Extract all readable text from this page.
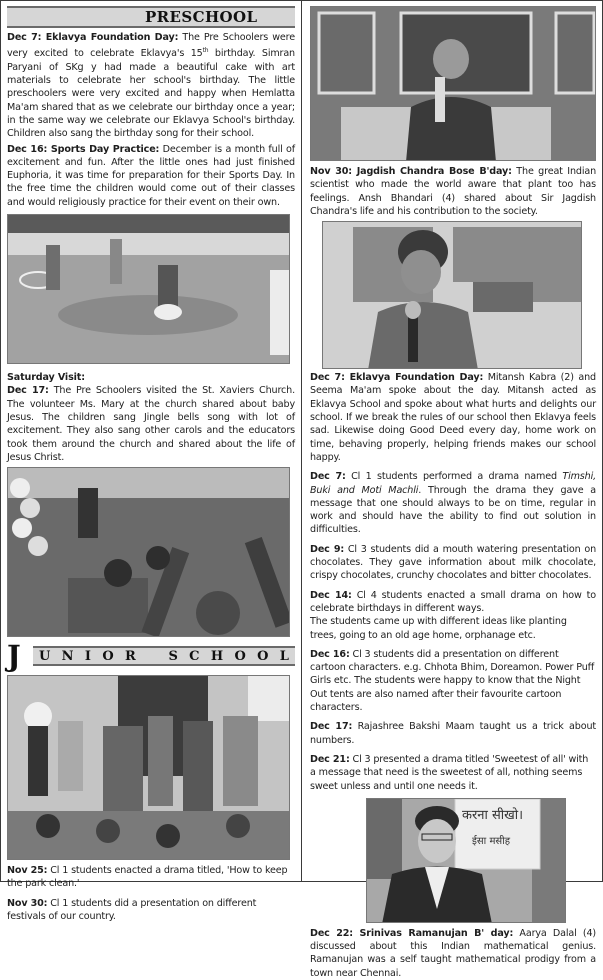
P R E S C H O O L

Dec 7: Eklavya Foundation Day: The Pre Schoolers were very excited to celebrate Eklavya's 15th birthday. Simran Paryani of SKg y had made a beautiful cake with art materials to celebrate her school's birthday. The little preschoolers were very excited and happy when Hemlatta Ma'am shared that as we celebrate our birthday once a year; in the same way we celebrate our Eklavya School's birthday. Children also sang the birthday song for their school.

Dec 16: Sports Day Practice: December is a month full of excitement and fun. After the little ones had just finished Euphoria, it was time for preparation for their Sports Day. In the free time the children would come out of their classes and would religiously practice for their event on their own.

Saturday Visit:

Dec 17: The Pre Schoolers visited the St. Xaviers Church. The volunteer Ms. Mary at the church shared about baby Jesus. The children sang Jingle bells song with lot of excitement. They also sang other carols and the educators took them around the church and shared about the life of Jesus Christ.

J	U N I O R	S C H O O L

Nov 25: Cl 1 students enacted a drama titled, 'How to keep the park clean.'

Nov 30: Cl 1 students did a presentation on different festivals of our country.

Nov 30: Jagdish Chandra Bose B'day: The great Indian scientist who made the world aware that plant too has feelings. Ansh Bhandari (4) shared about Sir Jagdish Chandra's life and his contribution to the society.

Dec 7: Eklavya Foundation Day: Mitansh Kabra (2) and Seema Ma'am spoke about the day. Mitansh acted as Eklavya School and spoke about what hurts and delights our school. If we break the rules of our school then Eklavya feels sad. Likewise doing Good Deed every day, home work on time, behaving properly, helping friends makes our school happy.

Dec 7: Cl 1 students performed a drama named Timshi, Buki and Moti Machli. Through the drama they gave a message that one should always to be on time, regular in work and should have the ability to find out solution in difficulties.

Dec 9: Cl 3 students did a mouth watering presentation on chocolates. They gave information about milk chocolate, crispy chocolates, crunchy chocolates and bitter chocolates.

Dec 14: Cl 4 students enacted a small drama on how to celebrate birthdays in different ways.

The students came up with different ideas like planting trees, going to an old age home, orphanage etc.

Dec 16: Cl 3 students did a presentation on different cartoon characters. e.g. Chhota Bhim, Doreamon. Power Puff Girls etc. The students were happy to know that the Night Out tents are also named after their favourite cartoon characters.

Dec 17: Rajashree Bakshi Maam taught us a trick about numbers.

Dec 21: Cl 3 presented a drama titled 'Sweetest of all' with a message that need is the sweetest of all, nothing seems sweet unless and until one needs it.

करना सीखो।
ईसा मसीह

Dec 22: Srinivas Ramanujan B' day: Aarya Dalal (4) discussed about this Indian mathematical genius. Ramanujan was a self taught mathematical prodigy from a town near Chennai.
